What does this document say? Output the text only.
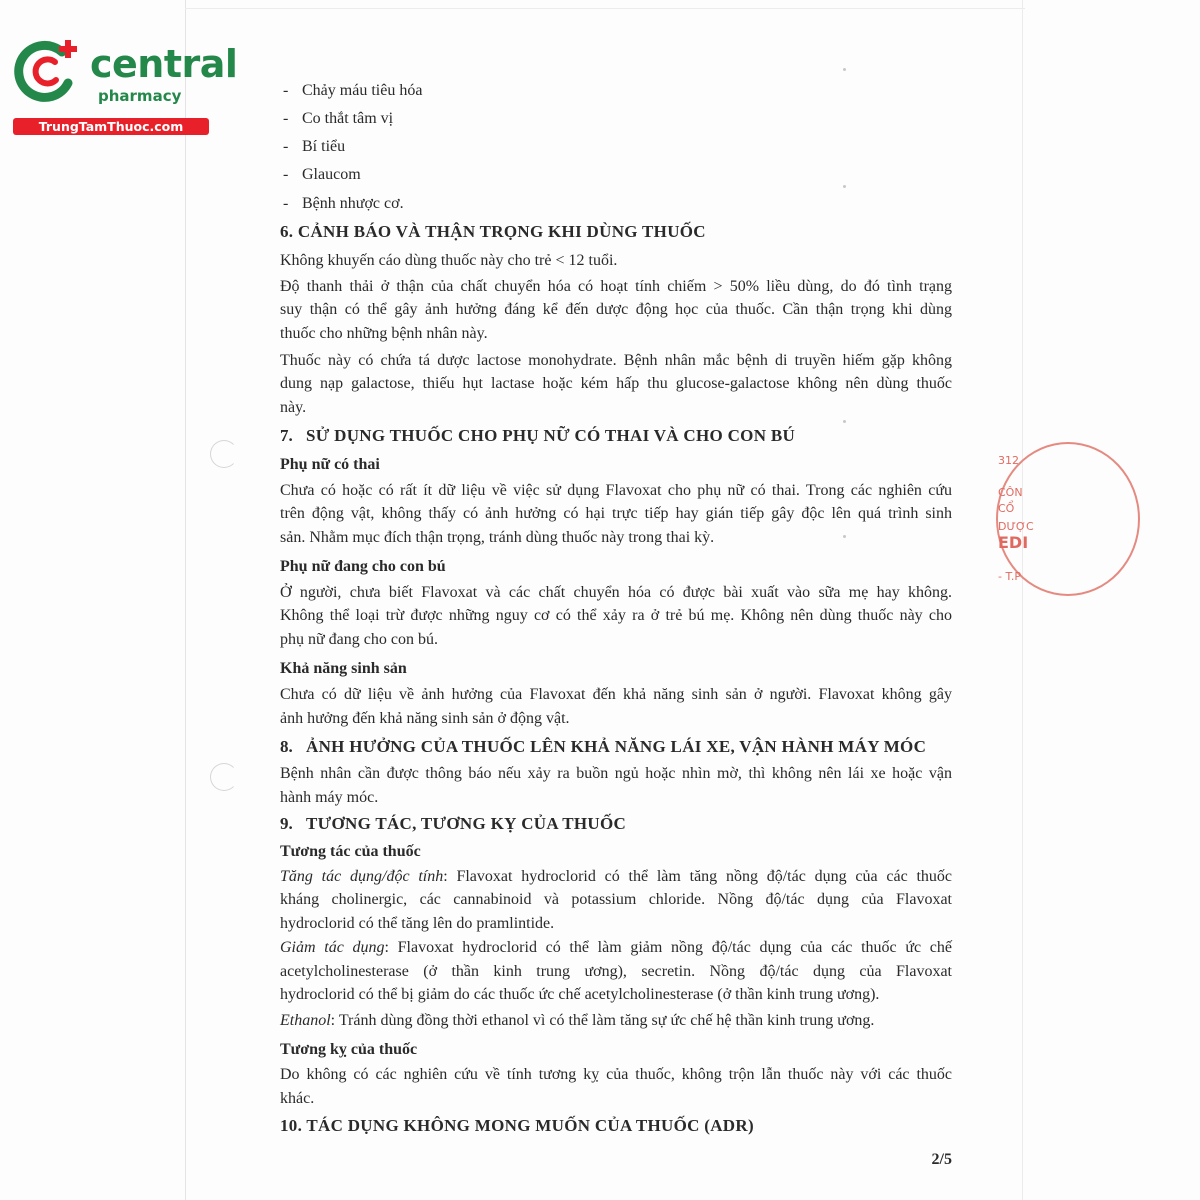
central
pharmacy
TrungTamThuoc.com
312
CÔN
CỔ
DƯỢC
EDI
- T.P
- Chảy máu tiêu hóa
- Co thắt tâm vị
- Bí tiểu
- Glaucom
- Bệnh nhược cơ.
6. CẢNH BÁO VÀ THẬN TRỌNG KHI DÙNG THUỐC
Không khuyến cáo dùng thuốc này cho trẻ < 12 tuổi.
Độ thanh thải ở thận của chất chuyển hóa có hoạt tính chiếm > 50% liều dùng, do đó tình trạng
suy thận có thể gây ảnh hưởng đáng kể đến dược động học của thuốc. Cần thận trọng khi dùng
thuốc cho những bệnh nhân này.
Thuốc này có chứa tá dược lactose monohydrate. Bệnh nhân mắc bệnh di truyền hiếm gặp không
dung nạp galactose, thiếu hụt lactase hoặc kém hấp thu glucose-galactose không nên dùng thuốc
này.
7. SỬ DỤNG THUỐC CHO PHỤ NỮ CÓ THAI VÀ CHO CON BÚ
Phụ nữ có thai
Chưa có hoặc có rất ít dữ liệu về việc sử dụng Flavoxat cho phụ nữ có thai. Trong các nghiên cứu
trên động vật, không thấy có ảnh hưởng có hại trực tiếp hay gián tiếp gây độc lên quá trình sinh
sản. Nhằm mục đích thận trọng, tránh dùng thuốc này trong thai kỳ.
Phụ nữ đang cho con bú
Ở người, chưa biết Flavoxat và các chất chuyển hóa có được bài xuất vào sữa mẹ hay không.
Không thể loại trừ được những nguy cơ có thể xảy ra ở trẻ bú mẹ. Không nên dùng thuốc này cho
phụ nữ đang cho con bú.
Khả năng sinh sản
Chưa có dữ liệu về ảnh hưởng của Flavoxat đến khả năng sinh sản ở người. Flavoxat không gây
ảnh hưởng đến khả năng sinh sản ở động vật.
8. ẢNH HƯỞNG CỦA THUỐC LÊN KHẢ NĂNG LÁI XE, VẬN HÀNH MÁY MÓC
Bệnh nhân cần được thông báo nếu xảy ra buồn ngủ hoặc nhìn mờ, thì không nên lái xe hoặc vận
hành máy móc.
9. TƯƠNG TÁC, TƯƠNG KỴ CỦA THUỐC
Tương tác của thuốc
Tăng tác dụng/độc tính: Flavoxat hydroclorid có thể làm tăng nồng độ/tác dụng của các thuốc
kháng cholinergic, các cannabinoid và potassium chloride. Nồng độ/tác dụng của Flavoxat
hydroclorid có thể tăng lên do pramlintide.
Giảm tác dụng: Flavoxat hydroclorid có thể làm giảm nồng độ/tác dụng của các thuốc ức chế
acetylcholinesterase (ở thần kinh trung ương), secretin. Nồng độ/tác dụng của Flavoxat
hydroclorid có thể bị giảm do các thuốc ức chế acetylcholinesterase (ở thần kinh trung ương).
Ethanol: Tránh dùng đồng thời ethanol vì có thể làm tăng sự ức chế hệ thần kinh trung ương.
Tương kỵ của thuốc
Do không có các nghiên cứu về tính tương kỵ của thuốc, không trộn lẫn thuốc này với các thuốc
khác.
10. TÁC DỤNG KHÔNG MONG MUỐN CỦA THUỐC (ADR)
2/5
